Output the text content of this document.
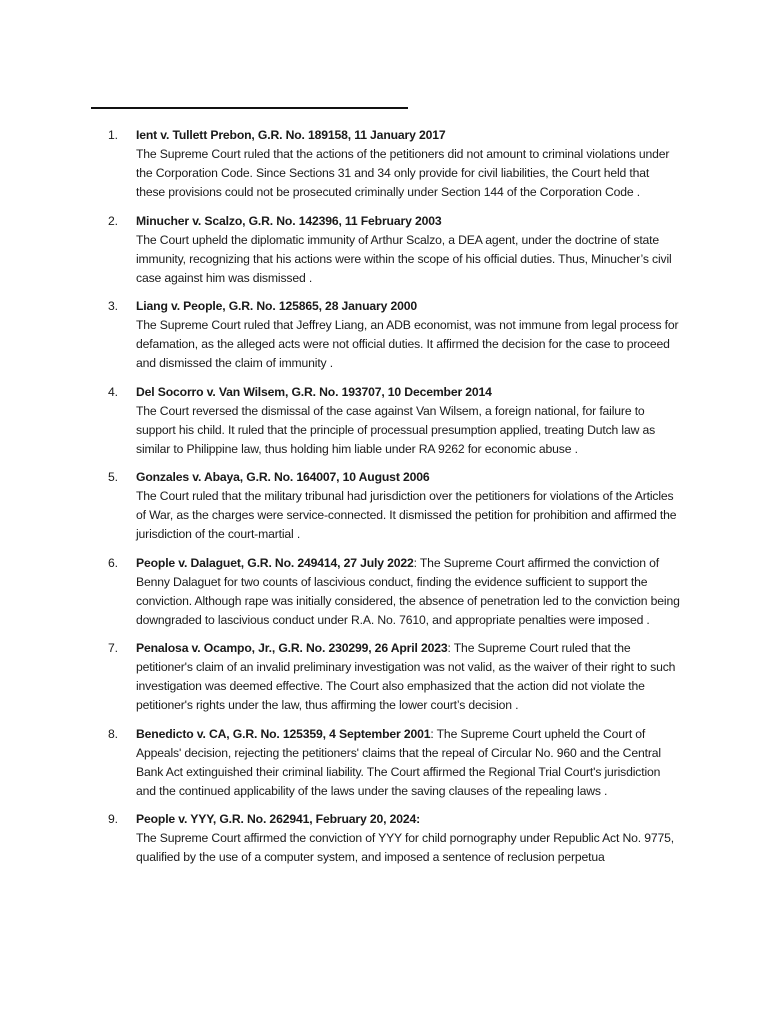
1.	Ient v. Tullett Prebon, G.R. No. 189158, 11 January 2017
The Supreme Court ruled that the actions of the petitioners did not amount to criminal violations under the Corporation Code. Since Sections 31 and 34 only provide for civil liabilities, the Court held that these provisions could not be prosecuted criminally under Section 144 of the Corporation Code .
2.	Minucher v. Scalzo, G.R. No. 142396, 11 February 2003
The Court upheld the diplomatic immunity of Arthur Scalzo, a DEA agent, under the doctrine of state immunity, recognizing that his actions were within the scope of his official duties. Thus, Minucher’s civil case against him was dismissed .
3.	Liang v. People, G.R. No. 125865, 28 January 2000
The Supreme Court ruled that Jeffrey Liang, an ADB economist, was not immune from legal process for defamation, as the alleged acts were not official duties. It affirmed the decision for the case to proceed and dismissed the claim of immunity .
4.	Del Socorro v. Van Wilsem, G.R. No. 193707, 10 December 2014
The Court reversed the dismissal of the case against Van Wilsem, a foreign national, for failure to support his child. It ruled that the principle of processual presumption applied, treating Dutch law as similar to Philippine law, thus holding him liable under RA 9262 for economic abuse .
5.	Gonzales v. Abaya, G.R. No. 164007, 10 August 2006
The Court ruled that the military tribunal had jurisdiction over the petitioners for violations of the Articles of War, as the charges were service-connected. It dismissed the petition for prohibition and affirmed the jurisdiction of the court-martial .
6.	People v. Dalaguet, G.R. No. 249414, 27 July 2022: The Supreme Court affirmed the conviction of Benny Dalaguet for two counts of lascivious conduct, finding the evidence sufficient to support the conviction. Although rape was initially considered, the absence of penetration led to the conviction being downgraded to lascivious conduct under R.A. No. 7610, and appropriate penalties were imposed .
7.	Penalosa v. Ocampo, Jr., G.R. No. 230299, 26 April 2023: The Supreme Court ruled that the petitioner's claim of an invalid preliminary investigation was not valid, as the waiver of their right to such investigation was deemed effective. The Court also emphasized that the action did not violate the petitioner's rights under the law, thus affirming the lower court’s decision .
8.	Benedicto v. CA, G.R. No. 125359, 4 September 2001: The Supreme Court upheld the Court of Appeals' decision, rejecting the petitioners' claims that the repeal of Circular No. 960 and the Central Bank Act extinguished their criminal liability. The Court affirmed the Regional Trial Court's jurisdiction and the continued applicability of the laws under the saving clauses of the repealing laws .
9.	People v. YYY, G.R. No. 262941, February 20, 2024:
The Supreme Court affirmed the conviction of YYY for child pornography under Republic Act No. 9775, qualified by the use of a computer system, and imposed a sentence of reclusion perpetua
